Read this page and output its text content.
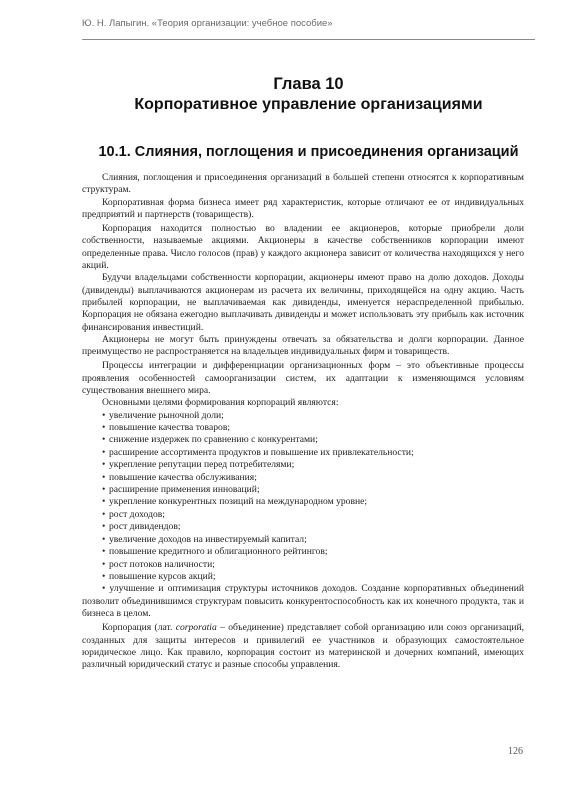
Ю. Н. Лапыгин. «Теория организации: учебное пособие»
Глава 10
Корпоративное управление организациями
10.1. Слияния, поглощения и присоединения организаций

Слияния, поглощения и присоединения организаций в большей степени относятся к корпоративным структурам.

Корпоративная форма бизнеса имеет ряд характеристик, которые отличают ее от индивидуальных предприятий и партнерств (товариществ).

Корпорация находится полностью во владении ее акционеров, которые приобрели доли собственности, называемые акциями. Акционеры в качестве собственников корпорации имеют определенные права. Число голосов (прав) у каждого акционера зависит от количества находящихся у него акций.

Будучи владельцами собственности корпорации, акционеры имеют право на долю доходов. Доходы (дивиденды) выплачиваются акционерам из расчета их величины, приходящейся на одну акцию. Часть прибылей корпорации, не выплачиваемая как дивиденды, именуется нераспределенной прибылью. Корпорация не обязана ежегодно выплачивать дивиденды и может использовать эту прибыль как источник финансирования инвестиций.

Акционеры не могут быть принуждены отвечать за обязательства и долги корпорации. Данное преимущество не распространяется на владельцев индивидуальных фирм и товариществ.

Процессы интеграции и дифференциации организационных форм – это объективные процессы проявления особенностей самоорганизации систем, их адаптации к изменяющимся условиям существования внешнего мира.

Основными целями формирования корпораций являются:

• увеличение рыночной доли;
• повышение качества товаров;
• снижение издержек по сравнению с конкурентами;
• расширение ассортимента продуктов и повышение их привлекательности;
• укрепление репутации перед потребителями;
• повышение качества обслуживания;
• расширение применения инноваций;
• укрепление конкурентных позиций на международном уровне;
• рост доходов;
• рост дивидендов;
• увеличение доходов на инвестируемый капитал;
• повышение кредитного и облигационного рейтингов;
• рост потоков наличности;
• повышение курсов акций;

• улучшение и оптимизация структуры источников доходов. Создание корпоративных объединений позволит объединившимся структурам повысить конкурентоспособность как их конечного продукта, так и бизнеса в целом.

Корпорация (лат. corporatia – объединение) представляет собой организацию или союз организаций, созданных для защиты интересов и привилегий ее участников и образующих самостоятельное юридическое лицо. Как правило, корпорация состоит из материнской и дочерних компаний, имеющих различный юридический статус и разные способы управления.

126
